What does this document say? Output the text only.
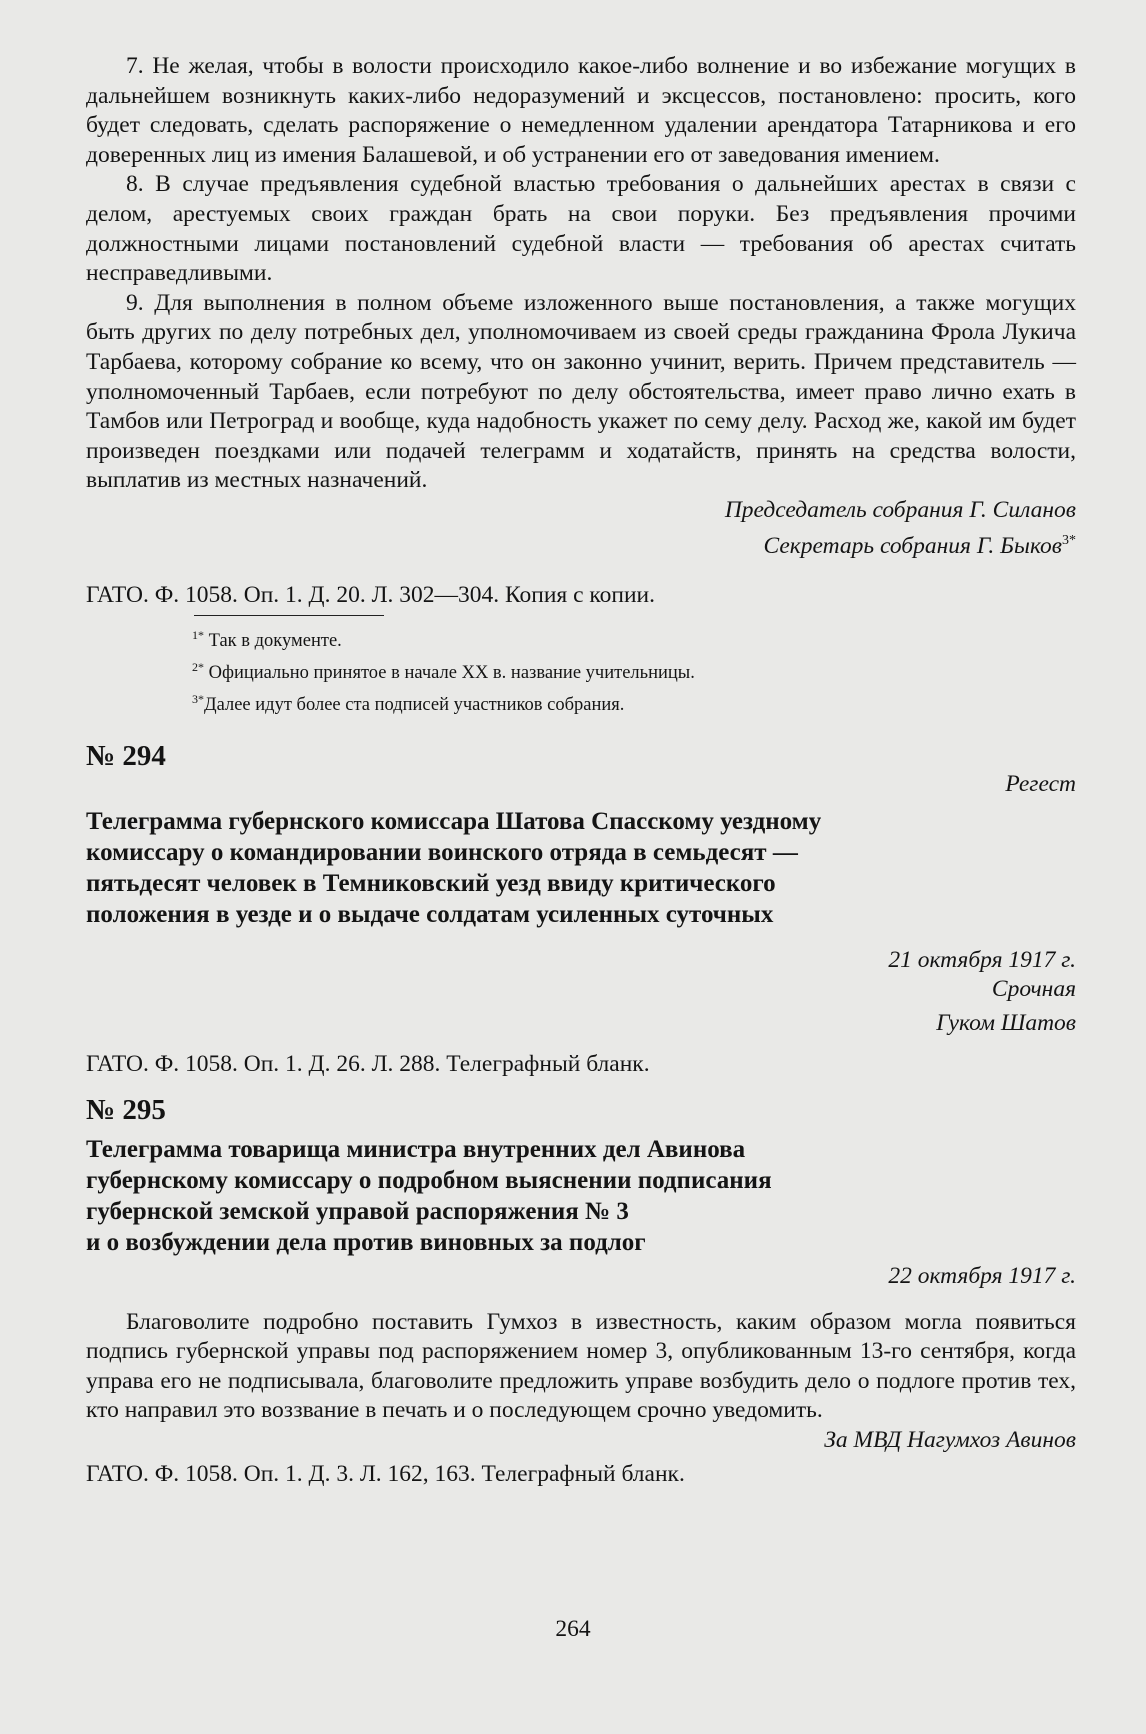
7. Не желая, чтобы в волости происходило какое-либо волнение и во избежание могущих в дальнейшем возникнуть каких-либо недоразумений и эксцессов, постановлено: просить, кого будет следовать, сделать распоряжение о немедленном удалении арендатора Татарникова и его доверенных лиц из имения Балашевой, и об устранении его от заведования имением.

8. В случае предъявления судебной властью требования о дальнейших арестах в связи с делом, арестуемых своих граждан брать на свои поруки. Без предъявления прочими должностными лицами постановлений судебной власти — требования об арестах считать несправедливыми.

9. Для выполнения в полном объеме изложенного выше постановления, а также могущих быть других по делу потребных дел, уполномочиваем из своей среды гражданина Фрола Лукича Тарбаева, которому собрание ко всему, что он законно учинит, верить. Причем представитель — уполномоченный Тарбаев, если потребуют по делу обстоятельства, имеет право лично ехать в Тамбов или Петроград и вообще, куда надобность укажет по сему делу. Расход же, какой им будет произведен поездками или подачей телеграмм и ходатайств, принять на средства волости, выплатив из местных назначений.

Председатель собрания Г. Силанов

Секретарь собрания Г. Быков$^{3*}$

ГАТО. Ф. 1058. Оп. 1. Д. 20. Л. 302—304. Копия с копии.

$^{1*}$ Так в документе.
$^{2*}$ Официально принятое в начале XX в. название учительницы.
$^{3*}$Далее идут более ста подписей участников собрания.
№ 294

Регест

Телеграмма губернского комиссара Шатова Спасскому уездному
комиссару о командировании воинского отряда в семьдесят —
пятьдесят человек в Темниковский уезд ввиду критического
положения в уезде и о выдаче солдатам усиленных суточных

21 октября 1917 г.

Срочная

Гуком Шатов

ГАТО. Ф. 1058. Оп. 1. Д. 26. Л. 288. Телеграфный бланк.

№ 295
Телеграмма товарища министра внутренних дел Авинова
губернскому комиссару о подробном выяснении подписания
губернской земской управой распоряжения № 3
и о возбуждении дела против виновных за подлог

22 октября 1917 г.

Благоволите подробно поставить Гумхоз в известность, каким образом могла появиться подпись губернской управы под распоряжением номер 3, опубликованным 13-го сентября, когда управа его не подписывала, благоволите предложить управе возбудить дело о подлоге против тех, кто направил это воззвание в печать и о последующем срочно уведомить.

За МВД Нагумхоз Авинов

ГАТО. Ф. 1058. Оп. 1. Д. 3. Л. 162, 163. Телеграфный бланк.

264
